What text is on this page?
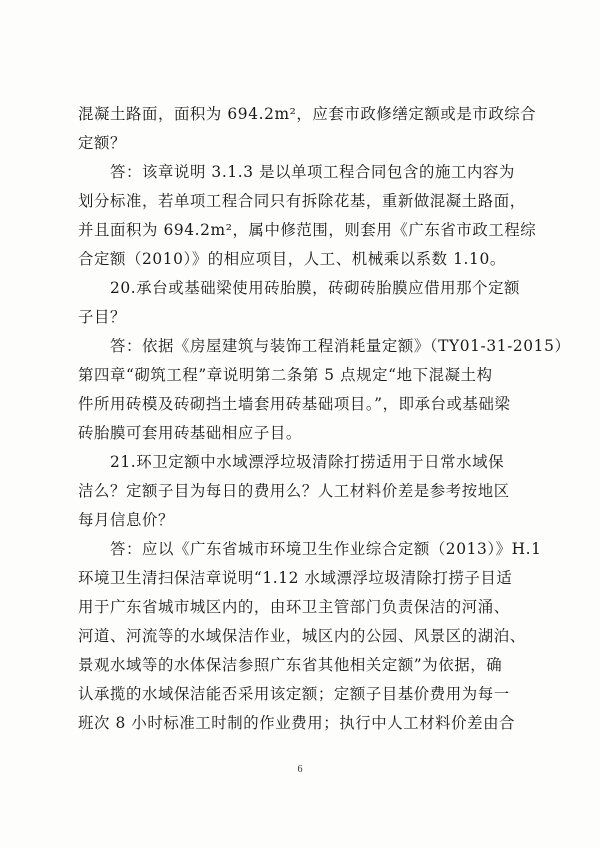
混凝土路面，面积为 694.2m²，应套市政修缮定额或是市政综合
定额？
答：该章说明 3.1.3 是以单项工程合同包含的施工内容为
划分标准，若单项工程合同只有拆除花基，重新做混凝土路面，
并且面积为 694.2m²，属中修范围，则套用《广东省市政工程综
合定额（2010）》的相应项目，人工、机械乘以系数 1.10。
20.承台或基础梁使用砖胎膜，砖砌砖胎膜应借用那个定额
子目？
答：依据《房屋建筑与装饰工程消耗量定额》（TY01-31-2015）
第四章“砌筑工程”章说明第二条第 5 点规定“地下混凝土构
件所用砖模及砖砌挡土墙套用砖基础项目。”，即承台或基础梁
砖胎膜可套用砖基础相应子目。
21.环卫定额中水域漂浮垃圾清除打捞适用于日常水域保
洁么？定额子目为每日的费用么？人工材料价差是参考按地区
每月信息价？
答：应以《广东省城市环境卫生作业综合定额（2013）》H.1
环境卫生清扫保洁章说明“1.12 水域漂浮垃圾清除打捞子目适
用于广东省城市城区内的，由环卫主管部门负责保洁的河涌、
河道、河流等的水域保洁作业，城区内的公园、风景区的湖泊、
景观水域等的水体保洁参照广东省其他相关定额”为依据，确
认承揽的水域保洁能否采用该定额；定额子目基价费用为每一
班次 8 小时标准工时制的作业费用；执行中人工材料价差由合
6
